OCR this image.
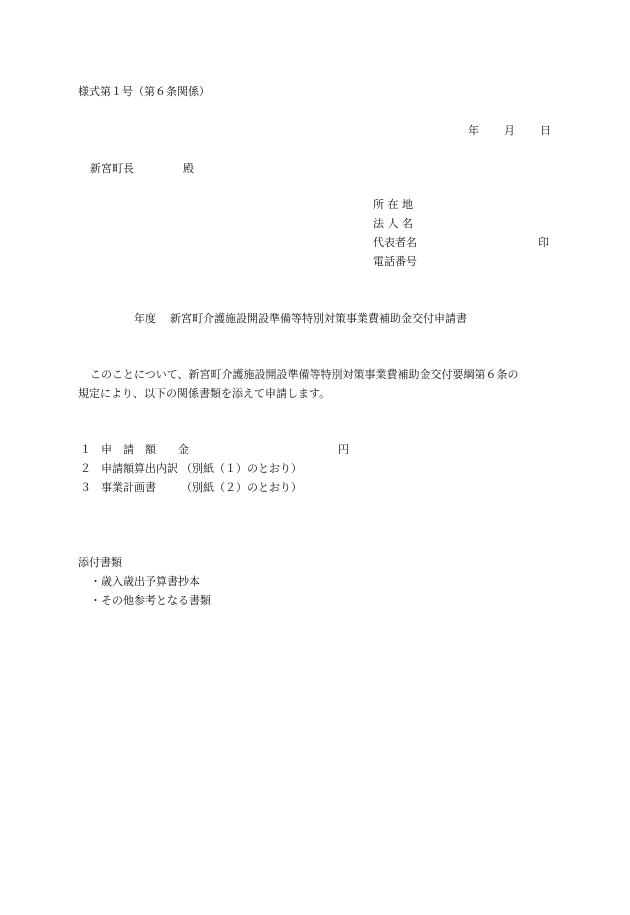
様式第１号（第６条関係）
年 月 日
新宮町長	殿
所 在 地
法 人 名
代表者名	印
電話番号
年度 新宮町介護施設開設準備等特別対策事業費補助金交付申請書
このことについて、新宮町介護施設開設準備等特別対策事業費補助金交付要綱第６条の
規定により、以下の関係書類を添えて申請します。
１ 申　請　額　　金	円
２ 申請額算出内訳 （別紙（１）のとおり）
３ 事業計画書 （別紙（２）のとおり）
添付書類
・歳入歳出予算書抄本
・その他参考となる書類
